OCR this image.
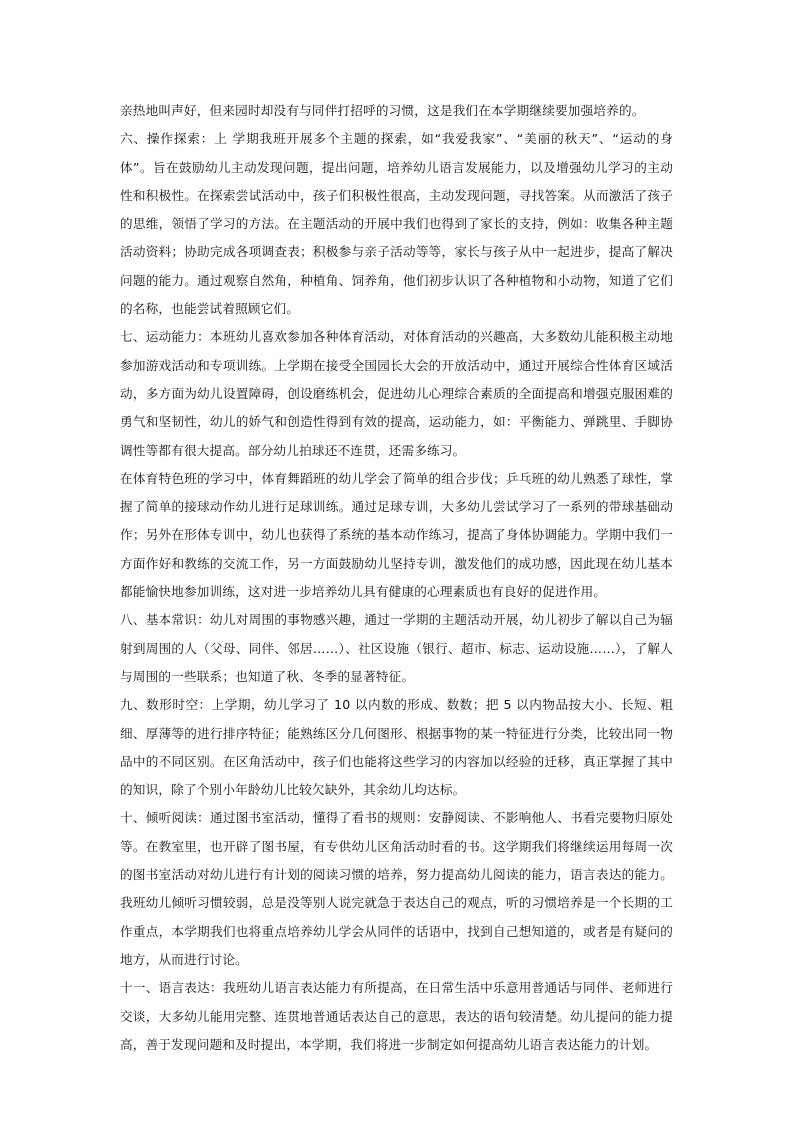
亲热地叫声好，但来园时却没有与同伴打招呼的习惯，这是我们在本学期继续要加强培养的。

六、操作探索：上 学期我班开展多个主题的探索，如“我爱我家”、“美丽的秋天”、“运动的身体”。旨在鼓励幼儿主动发现问题，提出问题，培养幼儿语言发展能力，以及增强幼儿学习的主动性和积极性。在探索尝试活动中，孩子们积极性很高，主动发现问题，寻找答案。从而激活了孩子的思维，领悟了学习的方法。在主题活动的开展中我们也得到了家长的支持，例如：收集各种主题活动资料；协助完成各项调查表；积极参与亲子活动等等，家长与孩子从中一起进步，提高了解决问题的能力。通过观察自然角，种植角、饲养角，他们初步认识了各种植物和小动物，知道了它们的名称，也能尝试着照顾它们。

七、运动能力：本班幼儿喜欢参加各种体育活动，对体育活动的兴趣高，大多数幼儿能积极主动地参加游戏活动和专项训练。上学期在接受全国园长大会的开放活动中，通过开展综合性体育区域活动，多方面为幼儿设置障碍，创设磨练机会，促进幼儿心理综合素质的全面提高和增强克服困难的勇气和坚韧性，幼儿的娇气和创造性得到有效的提高，运动能力，如：平衡能力、弹跳里、手脚协调性等都有很大提高。部分幼儿拍球还不连贯，还需多练习。

在体育特色班的学习中，体育舞蹈班的幼儿学会了简单的组合步伐；乒乓班的幼儿熟悉了球性，掌握了简单的接球动作幼儿进行足球训练。通过足球专训，大多幼儿尝试学习了一系列的带球基础动作；另外在形体专训中，幼儿也获得了系统的基本动作练习，提高了身体协调能力。学期中我们一方面作好和教练的交流工作，另一方面鼓励幼儿坚持专训，激发他们的成功感，因此现在幼儿基本都能愉快地参加训练，这对进一步培养幼儿具有健康的心理素质也有良好的促进作用。

八、基本常识：幼儿对周围的事物感兴趣，通过一学期的主题活动开展，幼儿初步了解以自己为辐射到周围的人（父母、同伴、邻居……）、社区设施（银行、超市、标志、运动设施……），了解人与周围的一些联系；也知道了秋、冬季的显著特征。

九、数形时空：上学期，幼儿学习了 10 以内数的形成、数数；把 5 以内物品按大小、长短、粗细、厚薄等的进行排序特征；能熟练区分几何图形、根据事物的某一特征进行分类，比较出同一物品中的不同区别。在区角活动中，孩子们也能将这些学习的内容加以经验的迁移，真正掌握了其中的知识，除了个别小年龄幼儿比较欠缺外，其余幼儿均达标。

十、倾听阅读：通过图书室活动，懂得了看书的规则：安静阅读、不影响他人、书看完要物归原处等。在教室里，也开辟了图书屋，有专供幼儿区角活动时看的书。这学期我们将继续运用每周一次的图书室活动对幼儿进行有计划的阅读习惯的培养，努力提高幼儿阅读的能力，语言表达的能力。我班幼儿倾听习惯较弱，总是没等别人说完就急于表达自己的观点，听的习惯培养是一个长期的工作重点，本学期我们也将重点培养幼儿学会从同伴的话语中，找到自己想知道的，或者是有疑问的地方，从而进行讨论。

十一、语言表达：我班幼儿语言表达能力有所提高，在日常生活中乐意用普通话与同伴、老师进行交谈，大多幼儿能用完整、连贯地普通话表达自己的意思，表达的语句较清楚。幼儿提问的能力提高，善于发现问题和及时提出，本学期，我们将进一步制定如何提高幼儿语言表达能力的计划。
